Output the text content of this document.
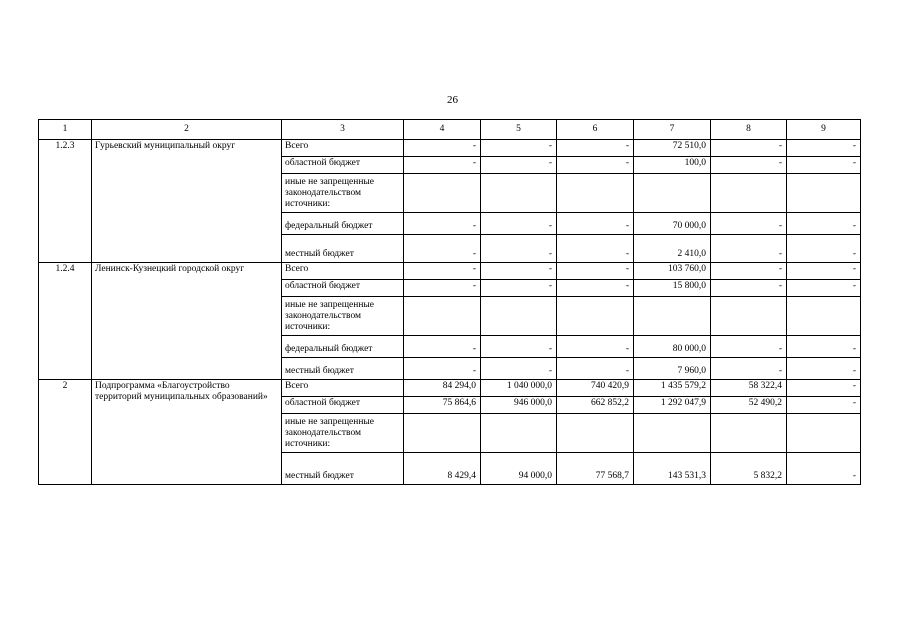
26
1	2	3	4	5	6	7	8	9
1.2.3	Гурьевский муниципальный округ	Всего	-	-	-	72 510,0	-	-
		областной бюджет	-	-	-	100,0	-	-
		иные не запрещенные законодательством источники:						
		федеральный бюджет	-	-	-	70 000,0	-	-
		местный бюджет	-	-	-	2 410,0	-	-
1.2.4	Ленинск-Кузнецкий городской округ	Всего	-	-	-	103 760,0	-	-
		областной бюджет	-	-	-	15 800,0	-	-
		иные не запрещенные законодательством источники:						
		федеральный бюджет	-	-	-	80 000,0	-	-
		местный бюджет	-	-	-	7 960,0	-	-
2	Подпрограмма «Благоустройство территорий муниципальных образований»	Всего	84 294,0	1 040 000,0	740 420,9	1 435 579,2	58 322,4	-
		областной бюджет	75 864,6	946 000,0	662 852,2	1 292 047,9	52 490,2	-
		иные не запрещенные законодательством источники:						
		местный бюджет	8 429,4	94 000,0	77 568,7	143 531,3	5 832,2	-
